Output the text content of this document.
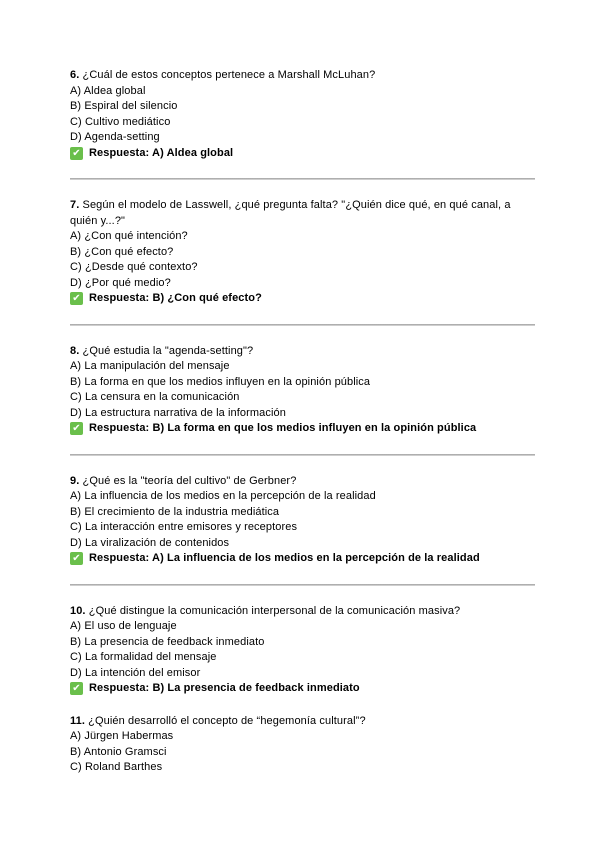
6. ¿Cuál de estos conceptos pertenece a Marshall McLuhan?

A) Aldea global

B) Espiral del silencio

C) Cultivo mediático

D) Agenda-setting

✔ Respuesta: A) Aldea global

7. Según el modelo de Lasswell, ¿qué pregunta falta? "¿Quién dice qué, en qué canal, a quién y...?"

A) ¿Con qué intención?

B) ¿Con qué efecto?

C) ¿Desde qué contexto?

D) ¿Por qué medio?

✔ Respuesta: B) ¿Con qué efecto?

8. ¿Qué estudia la "agenda-setting"?

A) La manipulación del mensaje

B) La forma en que los medios influyen en la opinión pública

C) La censura en la comunicación

D) La estructura narrativa de la información

✔ Respuesta: B) La forma en que los medios influyen en la opinión pública

9. ¿Qué es la "teoría del cultivo" de Gerbner?

A) La influencia de los medios en la percepción de la realidad

B) El crecimiento de la industria mediática

C) La interacción entre emisores y receptores

D) La viralización de contenidos

✔ Respuesta: A) La influencia de los medios en la percepción de la realidad

10. ¿Qué distingue la comunicación interpersonal de la comunicación masiva?

A) El uso de lenguaje

B) La presencia de feedback inmediato

C) La formalidad del mensaje

D) La intención del emisor

✔ Respuesta: B) La presencia de feedback inmediato

11. ¿Quién desarrolló el concepto de “hegemonía cultural”?

A) Jürgen Habermas

B) Antonio Gramsci

C) Roland Barthes
